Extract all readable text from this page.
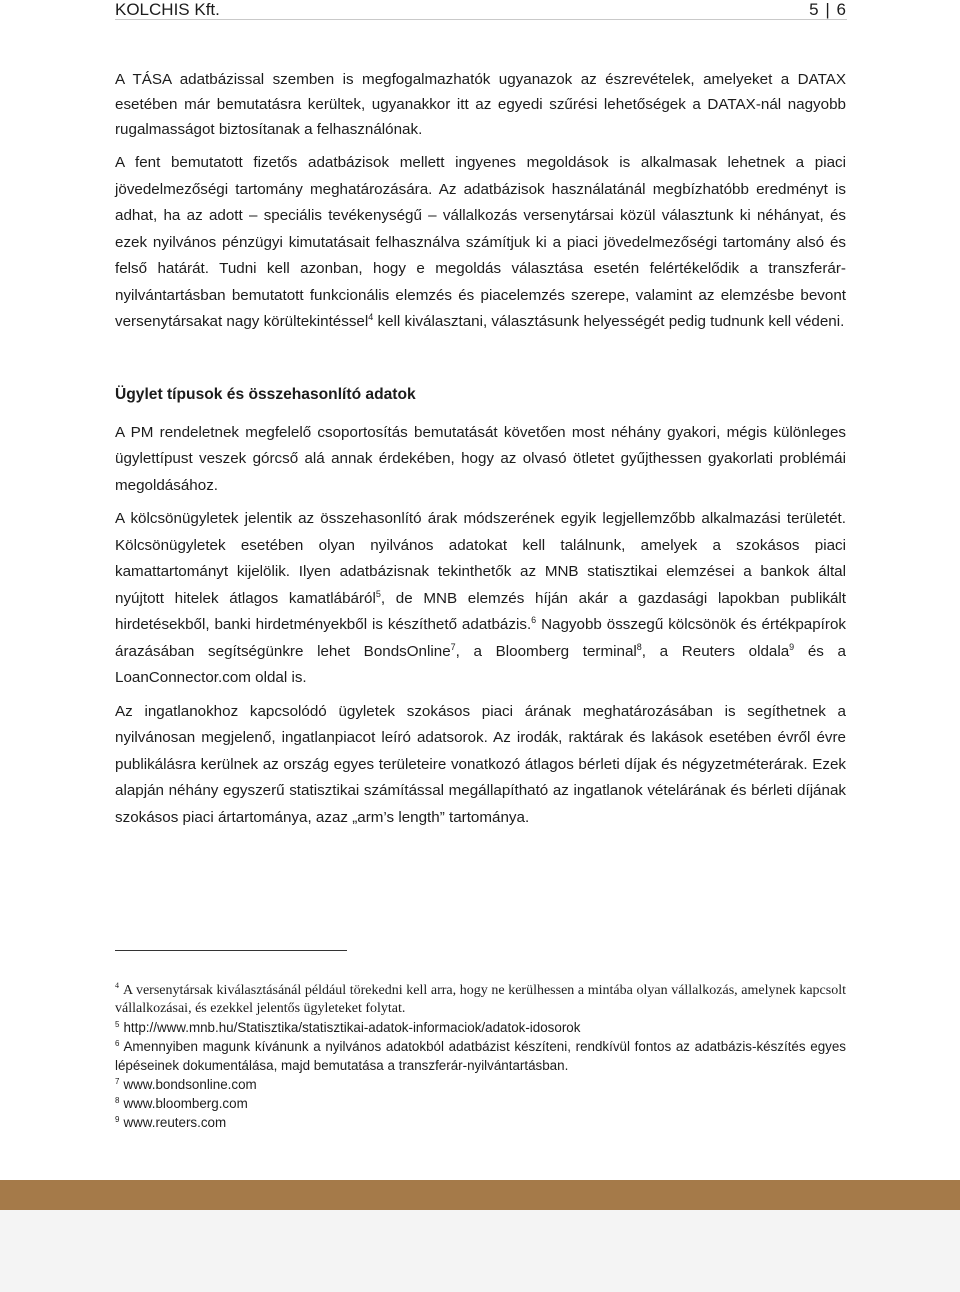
KOLCHIS Kft.	5 | 6

A TÁSA adatbázissal szemben is megfogalmazhatók ugyanazok az észrevételek, amelyeket a DATAX esetében már bemutatásra kerültek, ugyanakkor itt az egyedi szűrési lehetőségek a DATAX-nál nagyobb rugalmasságot biztosítanak a felhasználónak.

A fent bemutatott fizetős adatbázisok mellett ingyenes megoldások is alkalmasak lehetnek a piaci jövedelmezőségi tartomány meghatározására. Az adatbázisok használatánál megbízhatóbb eredményt is adhat, ha az adott – speciális tevékenységű – vállalkozás versenytársai közül választunk ki néhányat, és ezek nyilvános pénzügyi kimutatásait felhasználva számítjuk ki a piaci jövedelmezőségi tartomány alsó és felső határát. Tudni kell azonban, hogy e megoldás választása esetén felértékelődik a transzferár-nyilvántartásban bemutatott funkcionális elemzés és piacelemzés szerepe, valamint az elemzésbe bevont versenytársakat nagy körültekintéssel$^4$ kell kiválasztani, választásunk helyességét pedig tudnunk kell védeni.

Ügylet típusok és összehasonlító adatok

A PM rendeletnek megfelelő csoportosítás bemutatását követően most néhány gyakori, mégis különleges ügylettípust veszek górcső alá annak érdekében, hogy az olvasó ötletet gyűjthessen gyakorlati problémái megoldásához.

A kölcsönügyletek jelentik az összehasonlító árak módszerének egyik legjellemzőbb alkalmazási területét. Kölcsönügyletek esetében olyan nyilvános adatokat kell találnunk, amelyek a szokásos piaci kamattartományt kijelölik. Ilyen adatbázisnak tekinthetők az MNB statisztikai elemzései a bankok által nyújtott hitelek átlagos kamatlábáról$^5$, de MNB elemzés híján akár a gazdasági lapokban publikált hirdetésekből, banki hirdetményekből is készíthető adatbázis.$^6$ Nagyobb összegű kölcsönök és értékpapírok árazásában segítségünkre lehet BondsOnline$^7$, a Bloomberg terminal$^8$, a Reuters oldala$^9$ és a LoanConnector.com oldal is.

Az ingatlanokhoz kapcsolódó ügyletek szokásos piaci árának meghatározásában is segíthetnek a nyilvánosan megjelenő, ingatlanpiacot leíró adatsorok. Az irodák, raktárak és lakások esetében évről évre publikálásra kerülnek az ország egyes területeire vonatkozó átlagos bérleti díjak és négyzetméterárak. Ezek alapján néhány egyszerű statisztikai számítással megállapítható az ingatlanok vételárának és bérleti díjának szokásos piaci ártartománya, azaz „arm’s length” tartománya.

$^4$ A versenytársak kiválasztásánál például törekedni kell arra, hogy ne kerülhessen a mintába olyan vállalkozás, amelynek kapcsolt vállalkozásai, és ezekkel jelentős ügyleteket folytat.

$^5$ http://www.mnb.hu/Statisztika/statisztikai-adatok-informaciok/adatok-idosorok

$^6$ Amennyiben magunk kívánunk a nyilvános adatokból adatbázist készíteni, rendkívül fontos az adatbázis-készítés egyes lépéseinek dokumentálása, majd bemutatása a transzferár-nyilvántartásban.

$^7$ www.bondsonline.com

$^8$ www.bloomberg.com

$^9$ www.reuters.com
